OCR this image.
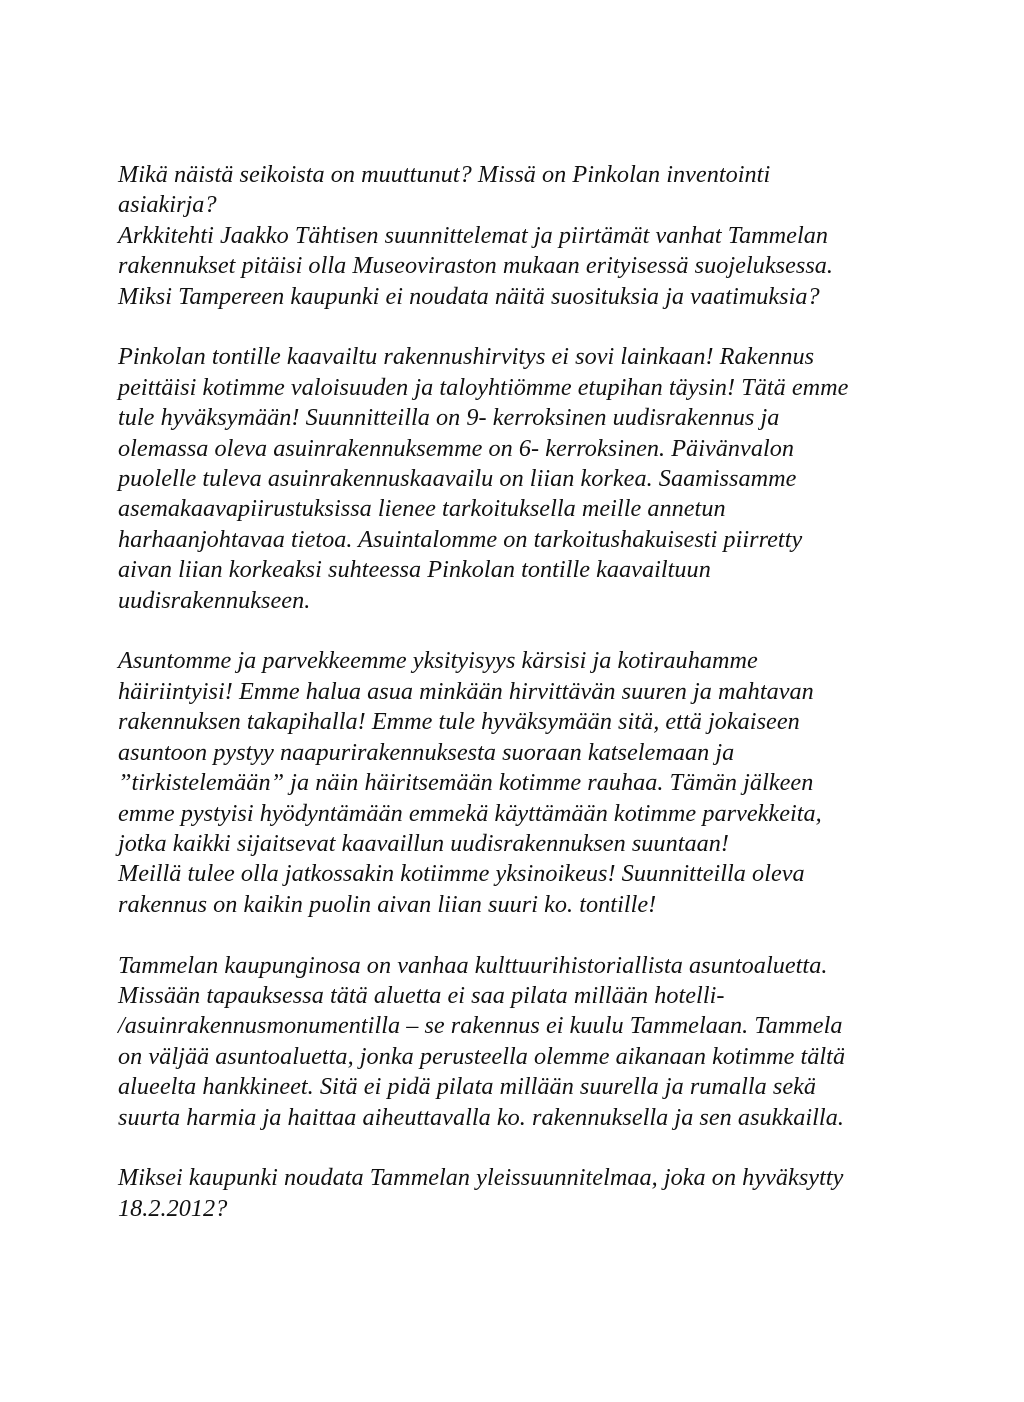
Mikä näistä seikoista on muuttunut? Missä on Pinkolan inventointi
asiakirja?
Arkkitehti Jaakko Tähtisen suunnittelemat ja piirtämät vanhat Tammelan
rakennukset pitäisi olla Museoviraston mukaan erityisessä suojeluksessa.
Miksi Tampereen kaupunki ei noudata näitä suosituksia ja vaatimuksia?

Pinkolan tontille kaavailtu rakennushirvitys ei sovi lainkaan! Rakennus
peittäisi kotimme valoisuuden ja taloyhtiömme etupihan täysin! Tätä emme
tule hyväksymään! Suunnitteilla on 9- kerroksinen uudisrakennus ja
olemassa oleva asuinrakennuksemme on 6- kerroksinen. Päivänvalon
puolelle tuleva asuinrakennuskaavailu on liian korkea. Saamissamme
asemakaavapiirustuksissa lienee tarkoituksella meille annetun
harhaanjohtavaa tietoa. Asuintalomme on tarkoitushakuisesti piirretty
aivan liian korkeaksi suhteessa Pinkolan tontille kaavailtuun
uudisrakennukseen.

Asuntomme ja parvekkeemme yksityisyys kärsisi ja kotirauhamme
häiriintyisi! Emme halua asua minkään hirvittävän suuren ja mahtavan
rakennuksen takapihalla! Emme tule hyväksymään sitä, että jokaiseen
asuntoon pystyy naapurirakennuksesta suoraan katselemaan ja
”tirkistelemään” ja näin häiritsemään kotimme rauhaa. Tämän jälkeen
emme pystyisi hyödyntämään emmekä käyttämään kotimme parvekkeita,
jotka kaikki sijaitsevat kaavaillun uudisrakennuksen suuntaan!
Meillä tulee olla jatkossakin kotiimme yksinoikeus! Suunnitteilla oleva
rakennus on kaikin puolin aivan liian suuri ko. tontille!

Tammelan kaupunginosa on vanhaa kulttuurihistoriallista asuntoaluetta.
Missään tapauksessa tätä aluetta ei saa pilata millään hotelli-
/asuinrakennusmonumentilla – se rakennus ei kuulu Tammelaan. Tammela
on väljää asuntoaluetta, jonka perusteella olemme aikanaan kotimme tältä
alueelta hankkineet. Sitä ei pidä pilata millään suurella ja rumalla sekä
suurta harmia ja haittaa aiheuttavalla ko. rakennuksella ja sen asukkailla.

Miksei kaupunki noudata Tammelan yleissuunnitelmaa, joka on hyväksytty
18.2.2012?
